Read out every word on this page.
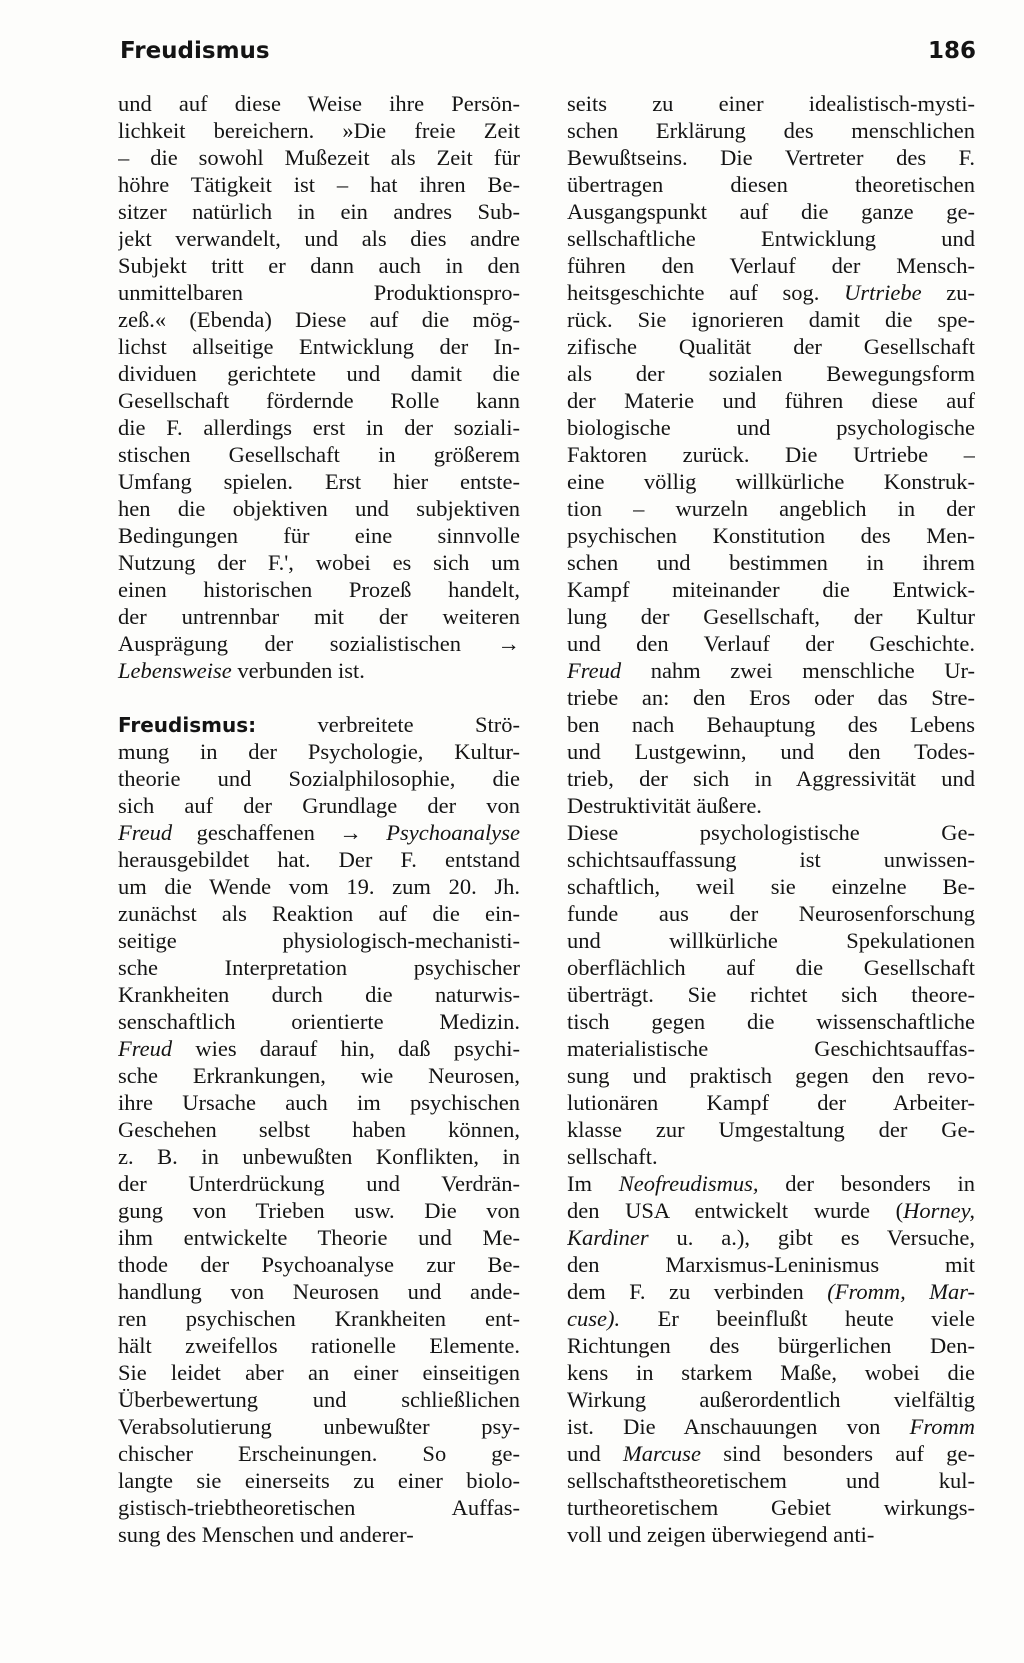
Freudismus	186
und auf diese Weise ihre Persön-
lichkeit bereichern. »Die freie Zeit
– die sowohl Mußezeit als Zeit für
höhre Tätigkeit ist – hat ihren Be-
sitzer natürlich in ein andres Sub-
jekt verwandelt, und als dies andre
Subjekt tritt er dann auch in den
unmittelbaren Produktionspro-
zeß.« (Ebenda) Diese auf die mög-
lichst allseitige Entwicklung der In-
dividuen gerichtete und damit die
Gesellschaft fördernde Rolle kann
die F. allerdings erst in der soziali-
stischen Gesellschaft in größerem
Umfang spielen. Erst hier entste-
hen die objektiven und subjektiven
Bedingungen für eine sinnvolle
Nutzung der F.', wobei es sich um
einen historischen Prozeß handelt,
der untrennbar mit der weiteren
Ausprägung der sozialistischen →
Lebensweise verbunden ist.
Freudismus: verbreitete Strö-
mung in der Psychologie, Kultur-
theorie und Sozialphilosophie, die
sich auf der Grundlage der von
Freud geschaffenen → Psychoanalyse
herausgebildet hat. Der F. entstand
um die Wende vom 19. zum 20. Jh.
zunächst als Reaktion auf die ein-
seitige physiologisch-mechanisti-
sche Interpretation psychischer
Krankheiten durch die naturwis-
senschaftlich orientierte Medizin.
Freud wies darauf hin, daß psychi-
sche Erkrankungen, wie Neurosen,
ihre Ursache auch im psychischen
Geschehen selbst haben können,
z. B. in unbewußten Konflikten, in
der Unterdrückung und Verdrän-
gung von Trieben usw. Die von
ihm entwickelte Theorie und Me-
thode der Psychoanalyse zur Be-
handlung von Neurosen und ande-
ren psychischen Krankheiten ent-
hält zweifellos rationelle Elemente.
Sie leidet aber an einer einseitigen
Überbewertung und schließlichen
Verabsolutierung unbewußter psy-
chischer Erscheinungen. So ge-
langte sie einerseits zu einer biolo-
gistisch-triebtheoretischen Auffas-
sung des Menschen und anderer-
seits zu einer idealistisch-mysti-
schen Erklärung des menschlichen
Bewußtseins. Die Vertreter des F.
übertragen diesen theoretischen
Ausgangspunkt auf die ganze ge-
sellschaftliche Entwicklung und
führen den Verlauf der Mensch-
heitsgeschichte auf sog. Urtriebe zu-
rück. Sie ignorieren damit die spe-
zifische Qualität der Gesellschaft
als der sozialen Bewegungsform
der Materie und führen diese auf
biologische und psychologische
Faktoren zurück. Die Urtriebe –
eine völlig willkürliche Konstruk-
tion – wurzeln angeblich in der
psychischen Konstitution des Men-
schen und bestimmen in ihrem
Kampf miteinander die Entwick-
lung der Gesellschaft, der Kultur
und den Verlauf der Geschichte.
Freud nahm zwei menschliche Ur-
triebe an: den Eros oder das Stre-
ben nach Behauptung des Lebens
und Lustgewinn, und den Todes-
trieb, der sich in Aggressivität und
Destruktivität äußere.
Diese psychologistische Ge-
schichtsauffassung ist unwissen-
schaftlich, weil sie einzelne Be-
funde aus der Neurosenforschung
und willkürliche Spekulationen
oberflächlich auf die Gesellschaft
überträgt. Sie richtet sich theore-
tisch gegen die wissenschaftliche
materialistische Geschichtsauffas-
sung und praktisch gegen den revo-
lutionären Kampf der Arbeiter-
klasse zur Umgestaltung der Ge-
sellschaft.
Im Neofreudismus, der besonders in
den USA entwickelt wurde (Horney,
Kardiner u. a.), gibt es Versuche,
den Marxismus-Leninismus mit
dem F. zu verbinden (Fromm, Mar-
cuse). Er beeinflußt heute viele
Richtungen des bürgerlichen Den-
kens in starkem Maße, wobei die
Wirkung außerordentlich vielfältig
ist. Die Anschauungen von Fromm
und Marcuse sind besonders auf ge-
sellschaftstheoretischem und kul-
turtheoretischem Gebiet wirkungs-
voll und zeigen überwiegend anti-
